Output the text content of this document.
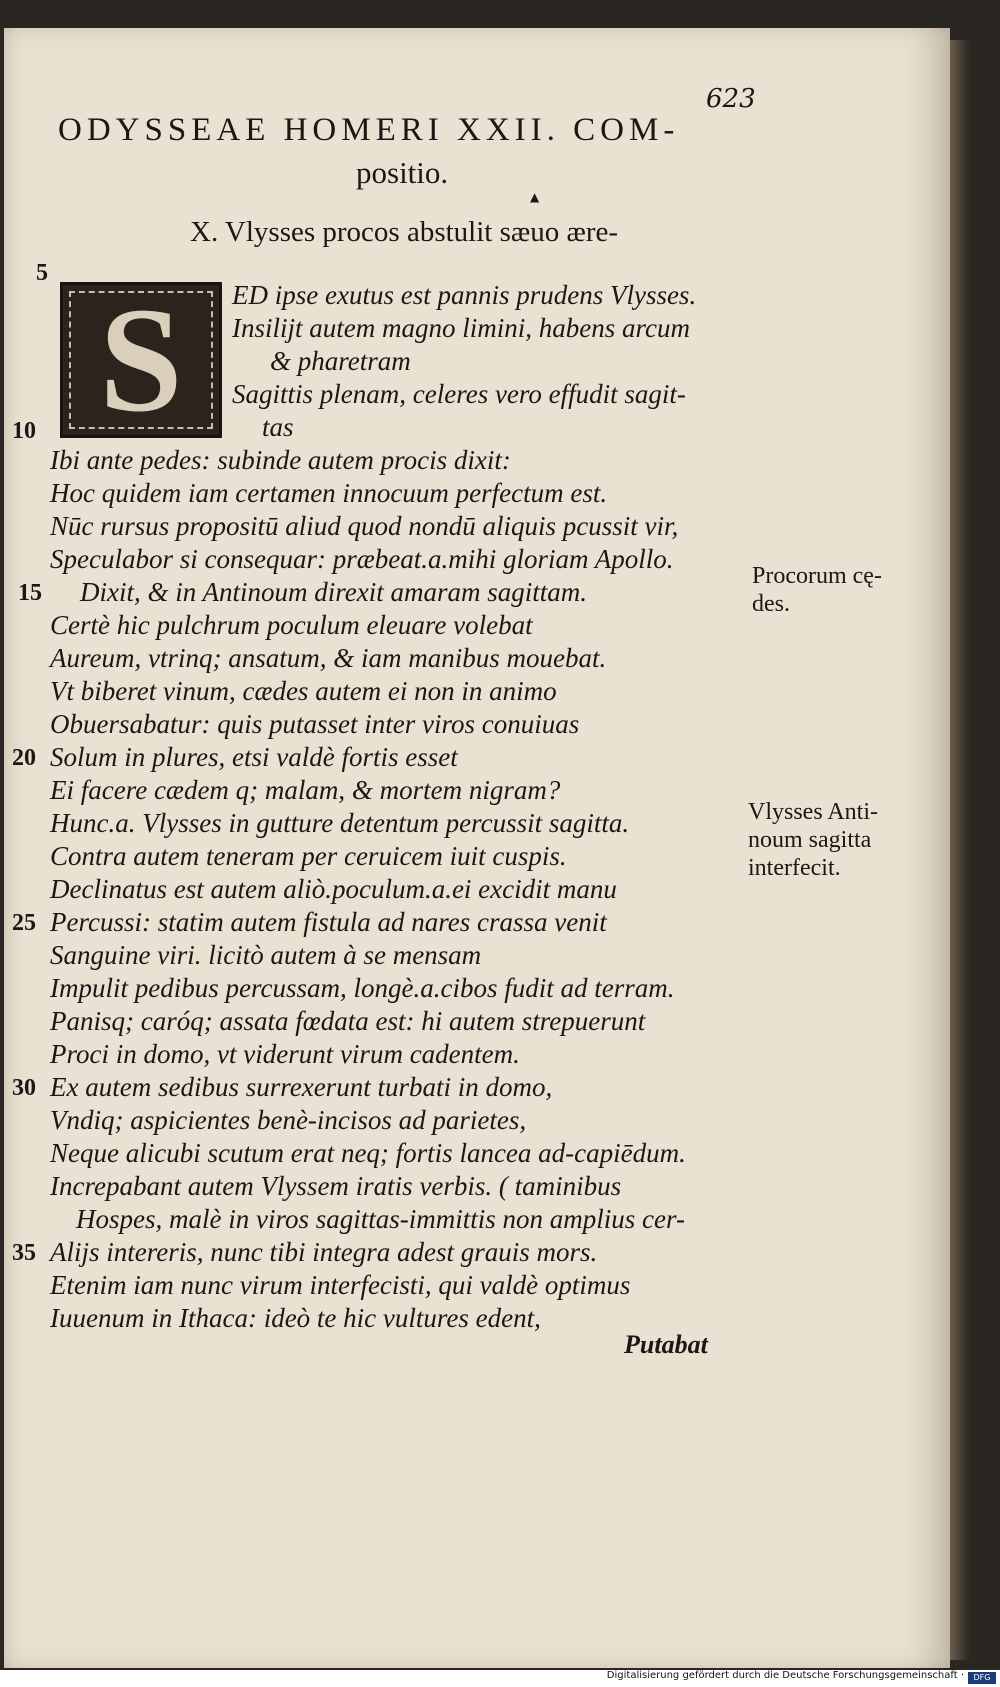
623
ODYSSEAE HOMERI XXII. COM-
positio.
▲
X. Vlysses procos abstulit sæuo ære-
S	ED ipse exutus est pannis prudens Vlysses.
Insilijt autem magno limini, habens arcum
& pharetram
Sagittis plenam, celeres vero effudit sagit-
tas
Ibi ante pedes: subinde autem procis dixit:
Hoc quidem iam certamen innocuum perfectum est.
Nūc rursus propositū aliud quod nondū aliquis pcussit vir,
Speculabor si consequar: præbeat.a.mihi gloriam Apollo.
Dixit, & in Antinoum direxit amaram sagittam.
Certè hic pulchrum poculum eleuare volebat
Aureum, vtrinq; ansatum, & iam manibus mouebat.
Vt biberet vinum, cædes autem ei non in animo
Obuersabatur: quis putasset inter viros conuiuas
Solum in plures, etsi valdè fortis esset
Ei facere cædem q; malam, & mortem nigram?
Hunc.a. Vlysses in gutture detentum percussit sagitta.
Contra autem teneram per ceruicem iuit cuspis.
Declinatus est autem aliò.poculum.a.ei excidit manu
Percussi: statim autem fistula ad nares crassa venit
Sanguine viri. licitò autem à se mensam
Impulit pedibus percussam, longè.a.cibos fudit ad terram.
Panisq; caróq; assata fœdata est: hi autem strepuerunt
Proci in domo, vt viderunt virum cadentem.
Ex autem sedibus surrexerunt turbati in domo,
Vndiq; aspicientes benè-incisos ad parietes,
Neque alicubi scutum erat neq; fortis lancea ad-capiēdum.
Increpabant autem Vlyssem iratis verbis. ( taminibus
Hospes, malè in viros sagittas-immittis non amplius cer-
Alijs intereris, nunc tibi integra adest grauis mors.
Etenim iam nunc virum interfecisti, qui valdè optimus
Iuuenum in Ithaca: ideò te hic vultures edent,
5
10
15
20
25
30
35
Procorum cę-
des.
Vlysses Anti-
noum sagitta
interfecit.
Putabat
Digitalisierung gefördert durch die Deutsche Forschungsgemeinschaft ·	DFG
